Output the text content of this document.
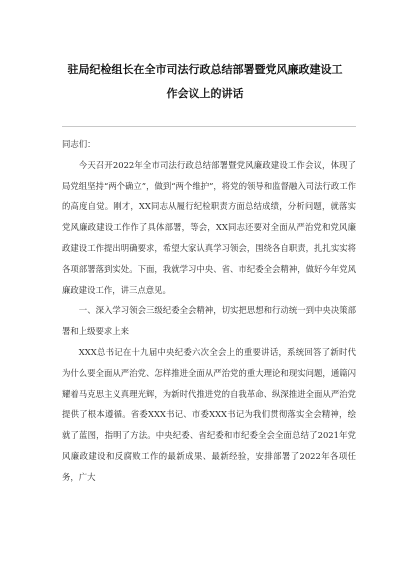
驻局纪检组长在全市司法行政总结部署暨党风廉政建设工
作会议上的讲话

同志们：

今天召开2022年全市司法行政总结部署暨党风廉政建设工作会议，体现了局党组坚持“两个确立”，做到“两个维护”，将党的领导和监督融入司法行政工作的高度自觉。刚才，XX同志从履行纪检职责方面总结成绩，分析问题，就落实党风廉政建设工作作了具体部署，等会，XX同志还要对全面从严治党和党风廉政建设工作提出明确要求，希望大家认真学习领会，围绕各自职责，扎扎实实将各项部署落到实处。下面，我就学习中央、省、市纪委全会精神，做好今年党风廉政建设工作，讲三点意见。

一、深入学习领会三级纪委全会精神，切实把思想和行动统一到中央决策部署和上级要求上来

XXX总书记在十九届中央纪委六次全会上的重要讲话，系统回答了新时代为什么要全面从严治党、怎样推进全面从严治党的重大理论和现实问题，通篇闪耀着马克思主义真理光辉，为新时代推进党的自我革命、纵深推进全面从严治党提供了根本遵循。省委XXX书记、市委XXX书记为我们贯彻落实全会精神，绘就了蓝图，指明了方法。中央纪委、省纪委和市纪委全会全面总结了2021年党风廉政建设和反腐败工作的最新成果、最新经验，安排部署了2022年各项任务，广大
